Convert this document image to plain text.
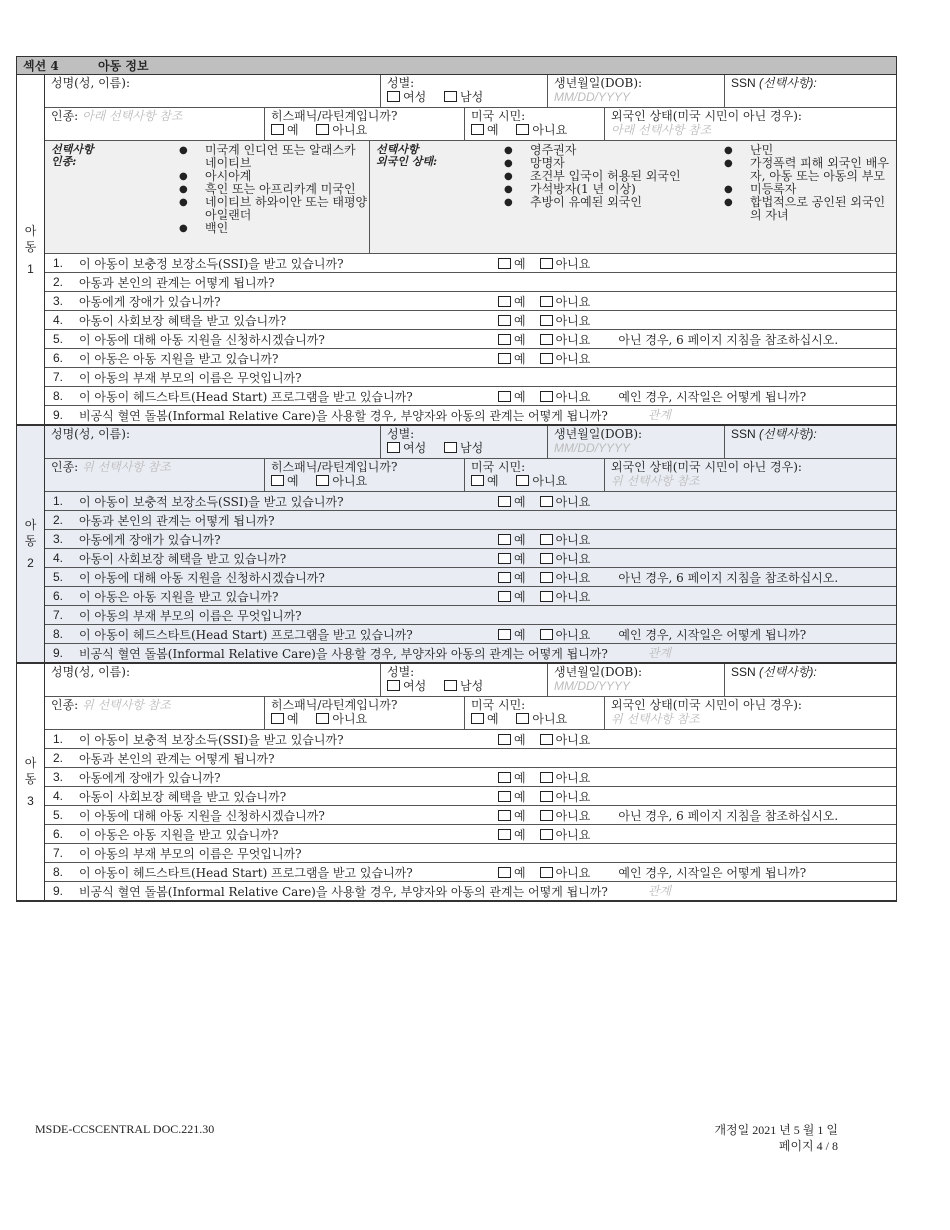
섹션 4	아동 정보
아
동
1
성명(성, 이름):	성별:
여성	남성
생년월일(DOB):
MM/DD/YYYY
SSN (선택사항):
인종: 아래 선택사항 참조	히스패닉/라틴계입니까?
예	아니요
미국 시민:
예	아니요
외국인 상태(미국 시민이 아닌 경우):
아래 선택사항 참조
선택사항
인종:
●	미국계 인디언 또는 알래스카 네이티브
●	아시아계
●	흑인 또는 아프리카계 미국인
●	네이티브 하와이안 또는 태평양 아일랜더
●	백인
선택사항
외국인 상태:
●	영주권자
●	망명자
●	조건부 입국이 허용된 외국인
●	가석방자(1 년 이상)
●	추방이 유예된 외국인
●	난민
●	가정폭력 피해 외국인 배우자, 아동 또는 아동의 부모
●	미등록자
●	합법적으로 공인된 외국인의 자녀
1.	이 아동이 보충정 보장소득(SSI)을 받고 있습니까?	예	아니요
2.	아동과 본인의 관계는 어떻게 됩니까?
3.	아동에게 장애가 있습니까?	예	아니요
4.	아동이 사회보장 혜택을 받고 있습니까?	예	아니요
5.	이 아동에 대해 아동 지원을 신청하시겠습니까?	예	아니요 아닌 경우, 6 페이지 지침을 참조하십시오.
6.	이 아동은 아동 지원을 받고 있습니까?	예	아니요
7.	이 아동의 부재 부모의 이름은 무엇입니까?
8.	이 아동이 헤드스타트(Head Start) 프로그램을 받고 있습니까?	예	아니요 예인 경우, 시작일은 어떻게 됩니까?
9.	비공식 혈연 돌봄(Informal Relative Care)을 사용할 경우, 부양자와 아동의 관계는 어떻게 됩니까?	관계
아
동
2
성명(성, 이름):	성별:
여성	남성
생년월일(DOB):
MM/DD/YYYY
SSN (선택사항):
인종: 위 선택사항 참조	히스패닉/라틴계입니까?
예	아니요
미국 시민:
예	아니요
외국인 상태(미국 시민이 아닌 경우):
위 선택사항 참조
1.	이 아동이 보충적 보장소득(SSI)을 받고 있습니까?	예	아니요
2.	아동과 본인의 관계는 어떻게 됩니까?
3.	아동에게 장애가 있습니까?	예	아니요
4.	아동이 사회보장 혜택을 받고 있습니까?	예	아니요
5.	이 아동에 대해 아동 지원을 신청하시겠습니까?	예	아니요 아닌 경우, 6 페이지 지침을 참조하십시오.
6.	이 아동은 아동 지원을 받고 있습니까?	예	아니요
7.	이 아동의 부재 부모의 이름은 무엇입니까?
8.	이 아동이 헤드스타트(Head Start) 프로그램을 받고 있습니까?	예	아니요 예인 경우, 시작일은 어떻게 됩니까?
9.	비공식 혈연 돌봄(Informal Relative Care)을 사용할 경우, 부양자와 아동의 관계는 어떻게 됩니까?	관계
아
동
3
성명(성, 이름):	성별:
여성	남성
생년월일(DOB):
MM/DD/YYYY
SSN (선택사항):
인종: 위 선택사항 참조	히스패닉/라틴계입니까?
예	아니요
미국 시민:
예	아니요
외국인 상태(미국 시민이 아닌 경우):
위 선택사항 참조
1.	이 아동이 보충적 보장소득(SSI)을 받고 있습니까?	예	아니요
2.	아동과 본인의 관계는 어떻게 됩니까?
3.	아동에게 장애가 있습니까?	예	아니요
4.	아동이 사회보장 혜택을 받고 있습니까?	예	아니요
5.	이 아동에 대해 아동 지원을 신청하시겠습니까?	예	아니요 아닌 경우, 6 페이지 지침을 참조하십시오.
6.	이 아동은 아동 지원을 받고 있습니까?	예	아니요
7.	이 아동의 부재 부모의 이름은 무엇입니까?
8.	이 아동이 헤드스타트(Head Start) 프로그램을 받고 있습니까?	예	아니요 예인 경우, 시작일은 어떻게 됩니까?
9.	비공식 혈연 돌봄(Informal Relative Care)을 사용할 경우, 부양자와 아동의 관계는 어떻게 됩니까?	관계
MSDE-CCSCENTRAL DOC.221.30	개정일 2021 년 5 월 1 일
페이지 4 / 8
